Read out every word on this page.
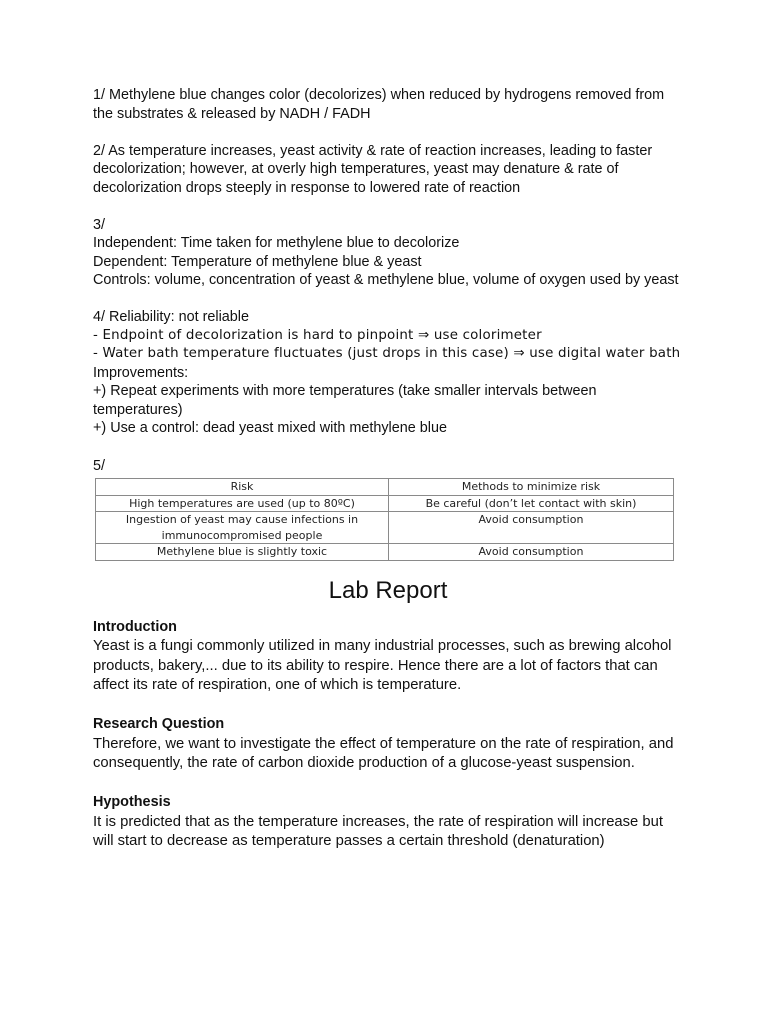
1/ Methylene blue changes color (decolorizes) when reduced by hydrogens removed from the substrates & released by NADH / FADH

2/ As temperature increases, yeast activity & rate of reaction increases, leading to faster decolorization; however, at overly high temperatures, yeast may denature & rate of decolorization drops steeply in response to lowered rate of reaction

3/

Independent: Time taken for methylene blue to decolorize

Dependent: Temperature of methylene blue & yeast

Controls: volume, concentration of yeast & methylene blue, volume of oxygen used by yeast

4/ Reliability: not reliable

- Endpoint of decolorization is hard to pinpoint ⇒ use colorimeter

- Water bath temperature fluctuates (just drops in this case) ⇒ use digital water bath

Improvements:

+) Repeat experiments with more temperatures (take smaller intervals between temperatures)

+) Use a control: dead yeast mixed with methylene blue

5/

Risk	Methods to minimize risk
High temperatures are used (up to 80ºC)	Be careful (don’t let contact with skin)
Ingestion of yeast may cause infections in immunocompromised people	Avoid consumption
Methylene blue is slightly toxic	Avoid consumption
Lab Report

Introduction

Yeast is a fungi commonly utilized in many industrial processes, such as brewing alcohol products, bakery,... due to its ability to respire. Hence there are a lot of factors that can affect its rate of respiration, one of which is temperature.

Research Question

Therefore, we want to investigate the effect of temperature on the rate of respiration, and consequently, the rate of carbon dioxide production of a glucose-yeast suspension.

Hypothesis

It is predicted that as the temperature increases, the rate of respiration will increase but will start to decrease as temperature passes a certain threshold (denaturation)
